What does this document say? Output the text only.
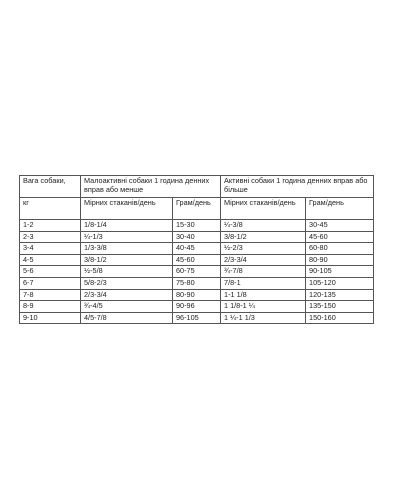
Вага собаки,	Малоактивні собаки 1 година денних вправ або менше		Активні собаки 1 година денних вправ або більше	
кг	Мірних стаканів/день	Грам/день	Мірних стаканів/день	Грам/день
1-2	1/8-1/4	15-30	¼-3/8	30-45
2-3	¼-1/3	30-40	3/8-1/2	45-60
3-4	1/3-3/8	40-45	½-2/3	60-80
4-5	3/8-1/2	45-60	2/3-3/4	80-90
5-6	½-5/8	60-75	¾-7/8	90-105
6-7	5/8-2/3	75-80	7/8-1	105-120
7-8	2/3-3/4	80-90	1-1 1/8	120-135
8-9	¾-4/5	90-96	1 1/8-1 ¼	135-150
9-10	4/5-7/8	96-105	1 ¼-1 1/3	150-160
